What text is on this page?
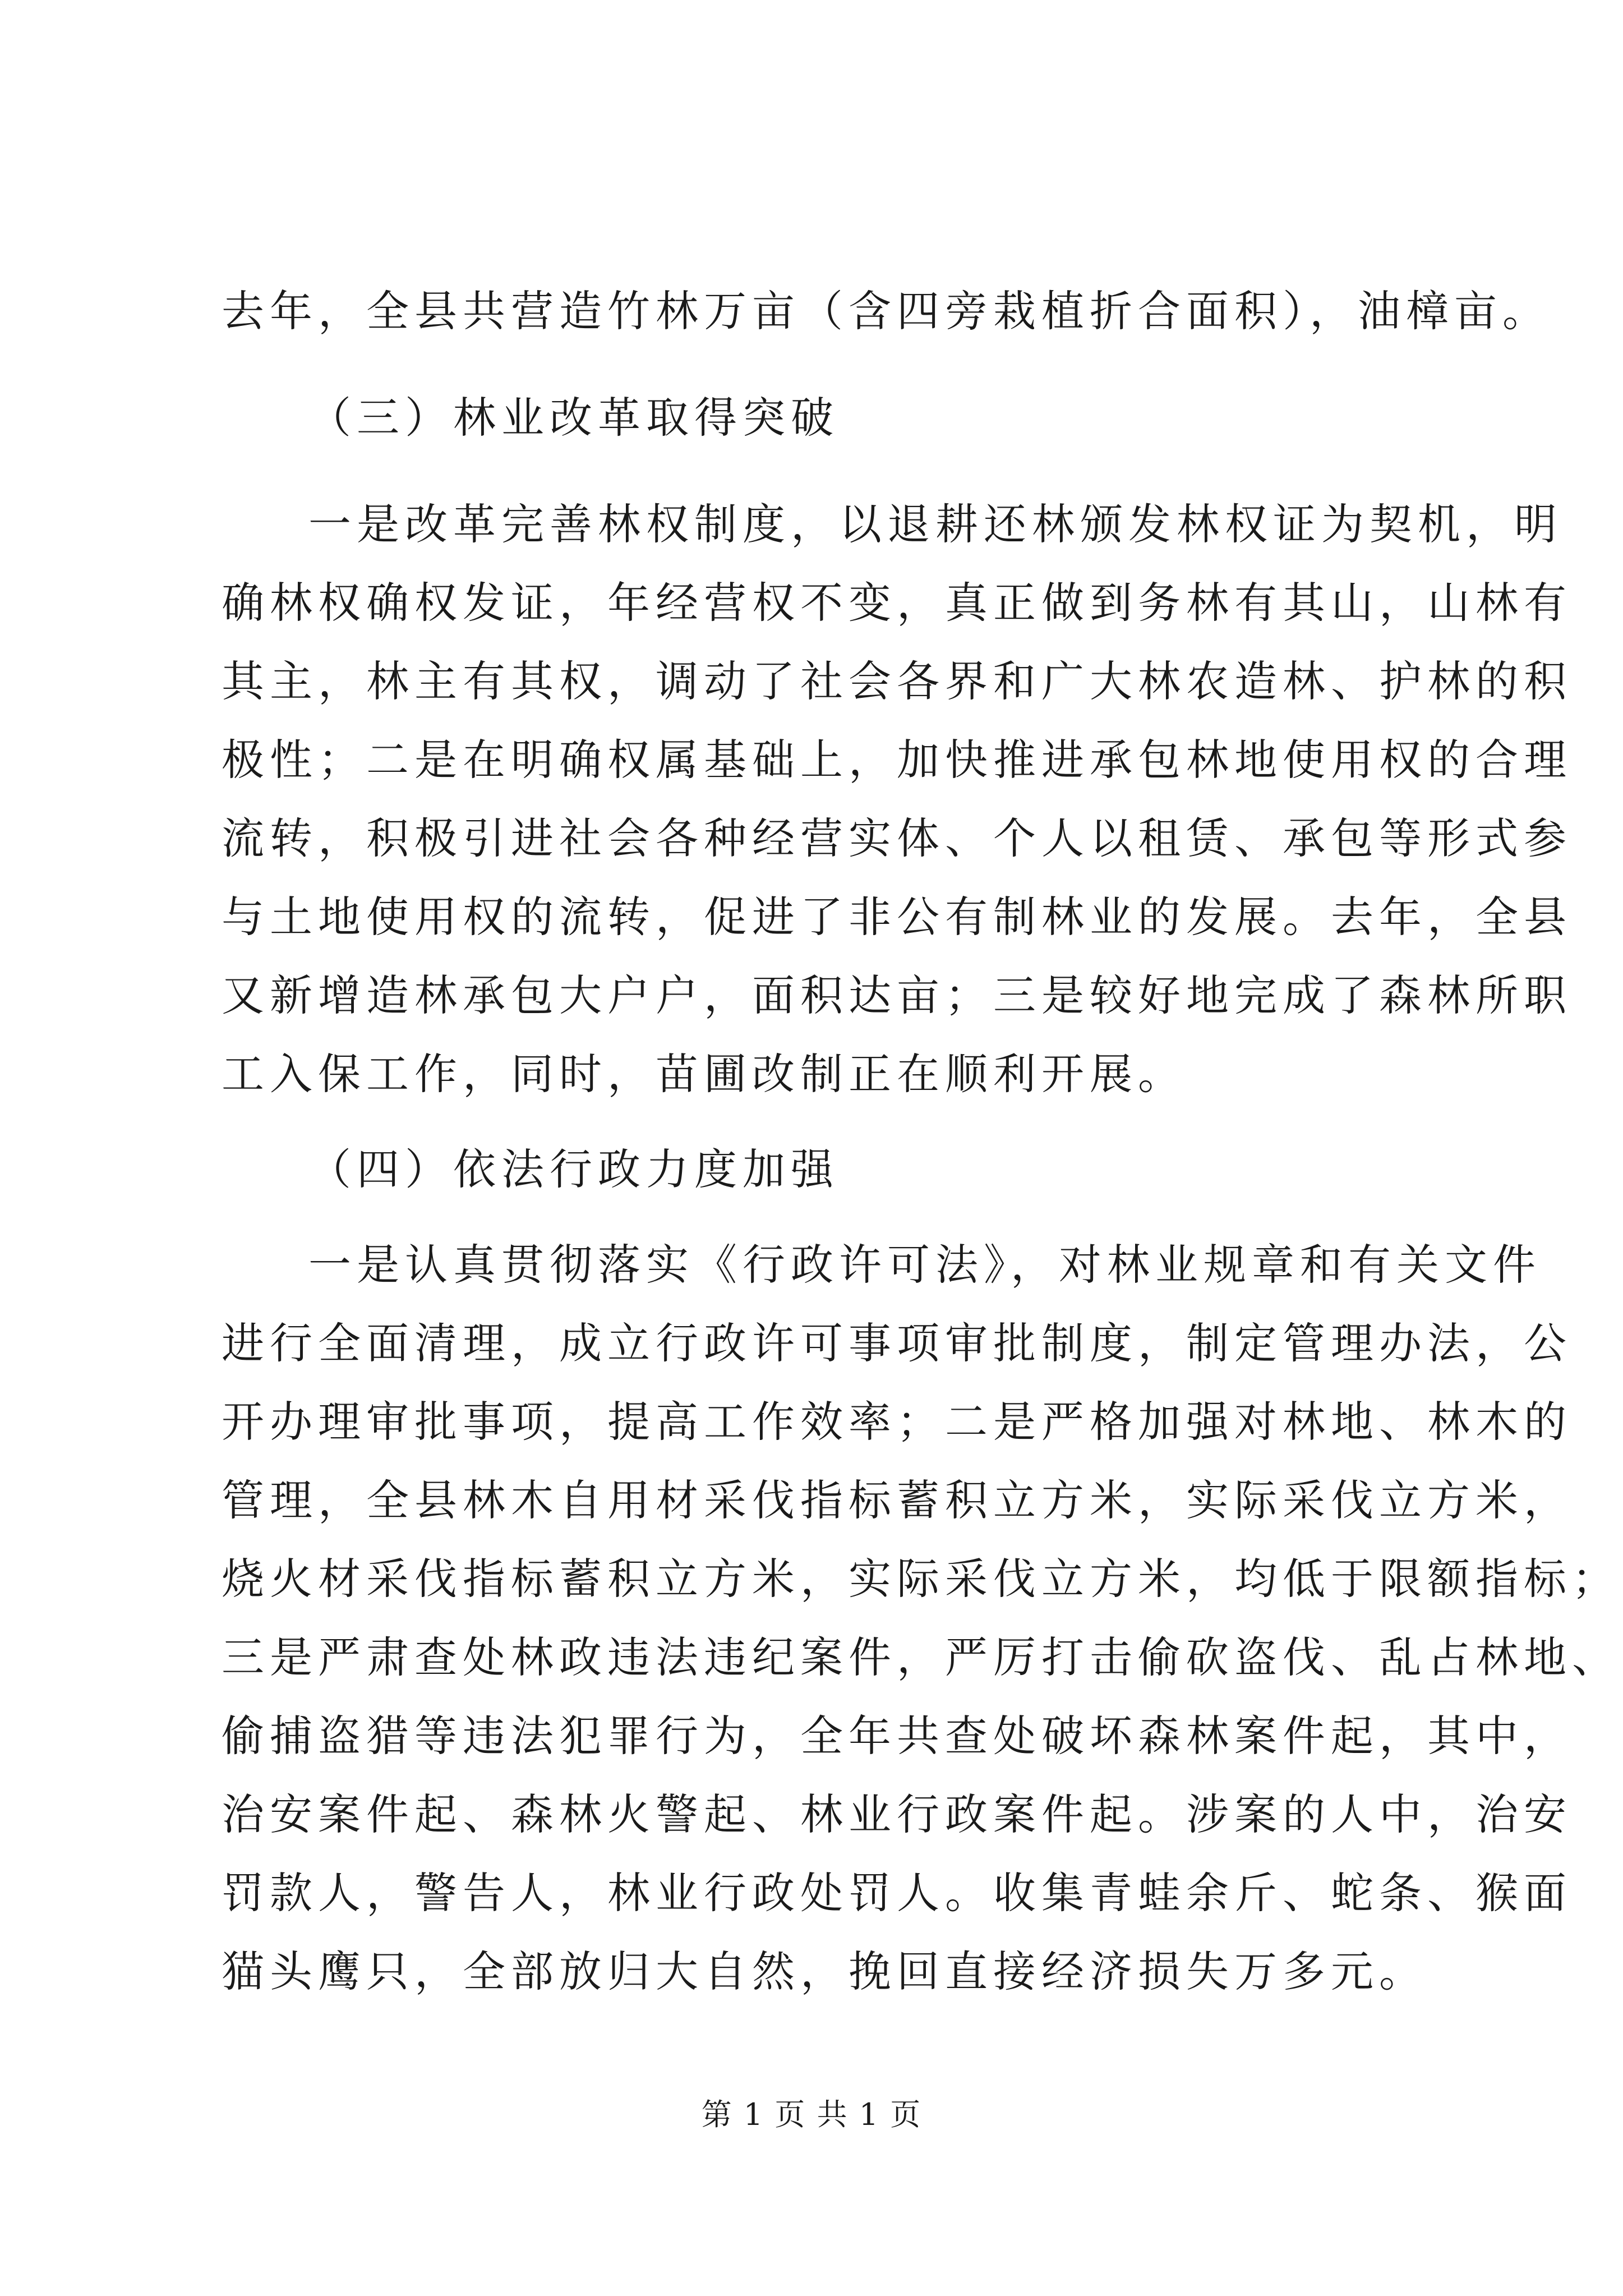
去年，全县共营造竹林万亩（含四旁栽植折合面积），油樟亩。
（三）林业改革取得突破
一是改革完善林权制度，以退耕还林颁发林权证为契机，明
确林权确权发证，年经营权不变，真正做到务林有其山，山林有
其主，林主有其权，调动了社会各界和广大林农造林、护林的积
极性；二是在明确权属基础上，加快推进承包林地使用权的合理
流转，积极引进社会各种经营实体、个人以租赁、承包等形式参
与土地使用权的流转，促进了非公有制林业的发展。去年，全县
又新增造林承包大户户，面积达亩；三是较好地完成了森林所职
工入保工作，同时，苗圃改制正在顺利开展。
（四）依法行政力度加强
一是认真贯彻落实《行政许可法》，对林业规章和有关文件
进行全面清理，成立行政许可事项审批制度，制定管理办法，公
开办理审批事项，提高工作效率；二是严格加强对林地、林木的
管理，全县林木自用材采伐指标蓄积立方米，实际采伐立方米，
烧火材采伐指标蓄积立方米，实际采伐立方米，均低于限额指标；
三是严肃查处林政违法违纪案件，严厉打击偷砍盗伐、乱占林地、
偷捕盗猎等违法犯罪行为，全年共查处破坏森林案件起，其中，
治安案件起、森林火警起、林业行政案件起。涉案的人中，治安
罚款人，警告人，林业行政处罚人。收集青蛙余斤、蛇条、猴面
猫头鹰只，全部放归大自然，挽回直接经济损失万多元。
第 1 页 共 1 页
